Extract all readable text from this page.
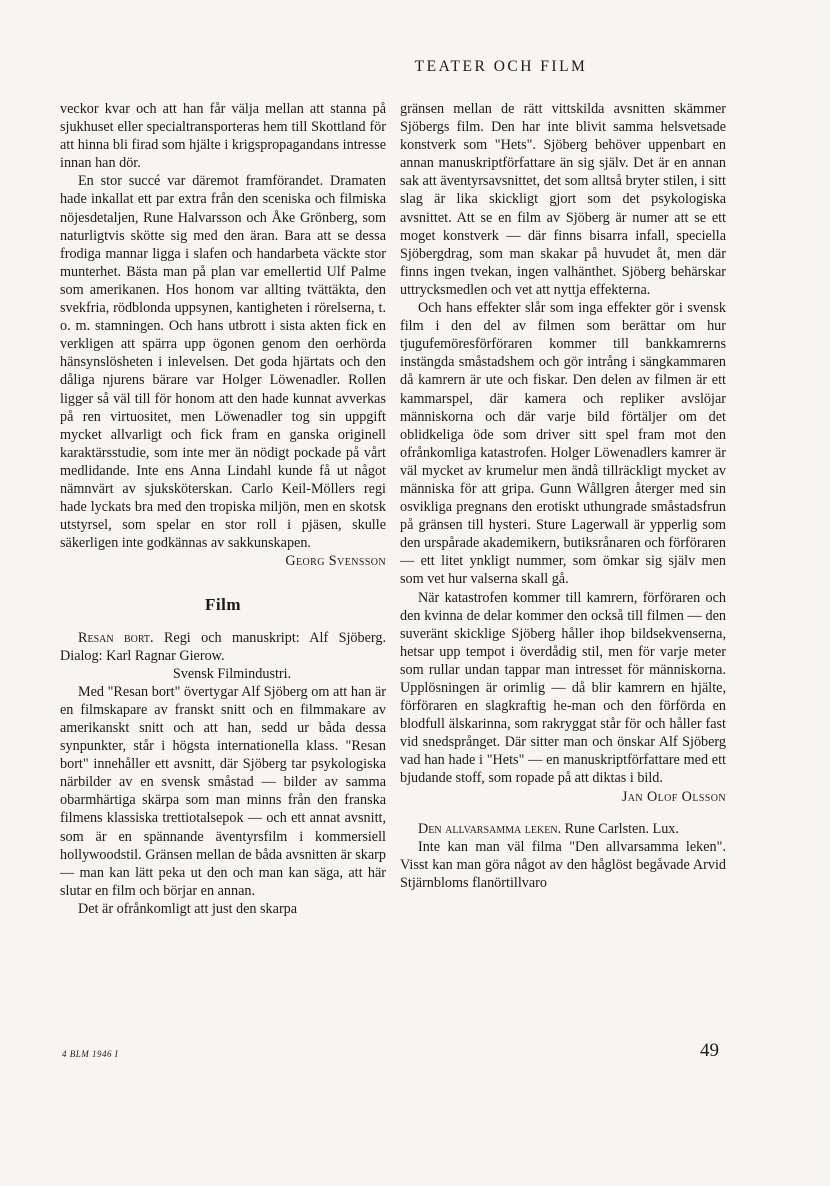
TEATER OCH FILM

veckor kvar och att han får välja mellan att stanna på sjukhuset eller specialtransporteras hem till Skottland för att hinna bli firad som hjälte i krigspropagandans intresse innan han dör.

En stor succé var däremot framförandet. Dramaten hade inkallat ett par extra från den sceniska och filmiska nöjesdetaljen, Rune Halvarsson och Åke Grönberg, som naturligtvis skötte sig med den äran. Bara att se dessa frodiga mannar ligga i slafen och handarbeta väckte stor munterhet. Bästa man på plan var emellertid Ulf Palme som amerikanen. Hos honom var allting tvättäkta, den svekfria, rödblonda uppsynen, kantigheten i rörelserna, t. o. m. stamningen. Och hans utbrott i sista akten fick en verkligen att spärra upp ögonen genom den oerhörda hänsynslösheten i inlevelsen. Det goda hjärtats och den dåliga njurens bärare var Holger Löwenadler. Rollen ligger så väl till för honom att den hade kunnat avverkas på ren virtuositet, men Löwenadler tog sin uppgift mycket allvarligt och fick fram en ganska originell karaktärsstudie, som inte mer än nödigt pockade på vårt medlidande. Inte ens Anna Lindahl kunde få ut något nämnvärt av sjuksköterskan. Carlo Keil-Möllers regi hade lyckats bra med den tropiska miljön, men en skotsk utstyrsel, som spelar en stor roll i pjäsen, skulle säkerligen inte godkännas av sakkunskapen.

Georg Svensson

Film

Resan bort. Regi och manuskript: Alf Sjöberg. Dialog: Karl Ragnar Gierow.
Svensk Filmindustri.

Med "Resan bort" övertygar Alf Sjöberg om att han är en filmskapare av franskt snitt och en filmmakare av amerikanskt snitt och att han, sedd ur båda dessa synpunkter, står i högsta internationella klass. "Resan bort" innehåller ett avsnitt, där Sjöberg tar psykologiska närbilder av en svensk småstad — bilder av samma obarmhärtiga skärpa som man minns från den franska filmens klassiska trettiotalsepok — och ett annat avsnitt, som är en spännande äventyrsfilm i kommersiell hollywoodstil. Gränsen mellan de båda avsnitten är skarp — man kan lätt peka ut den och man kan säga, att här slutar en film och börjar en annan.

Det är ofrånkomligt att just den skarpa

gränsen mellan de rätt vittskilda avsnitten skämmer Sjöbergs film. Den har inte blivit samma helsvetsade konstverk som "Hets". Sjöberg behöver uppenbart en annan manuskriptförfattare än sig själv. Det är en annan sak att äventyrsavsnittet, det som alltså bryter stilen, i sitt slag är lika skickligt gjort som det psykologiska avsnittet. Att se en film av Sjöberg är numer att se ett moget konstverk — där finns bisarra infall, speciella Sjöbergdrag, som man skakar på huvudet åt, men där finns ingen tvekan, ingen valhänthet. Sjöberg behärskar uttrycksmedlen och vet att nyttja effekterna.

Och hans effekter slår som inga effekter gör i svensk film i den del av filmen som berättar om hur tjugufemöresförföraren kommer till bankkamrerns instängda småstadshem och gör intrång i sängkammaren då kamrern är ute och fiskar. Den delen av filmen är ett kammarspel, där kamera och repliker avslöjar människorna och där varje bild förtäljer om det oblidkeliga öde som driver sitt spel fram mot den ofrånkomliga katastrofen. Holger Löwenadlers kamrer är väl mycket av krumelur men ändå tillräckligt mycket av människa för att gripa. Gunn Wållgren återger med sin osvikliga pregnans den erotiskt uthungrade småstadsfrun på gränsen till hysteri. Sture Lagerwall är ypperlig som den urspårade akademikern, butiksrånaren och förföraren — ett litet ynkligt nummer, som ömkar sig själv men som vet hur valserna skall gå.

När katastrofen kommer till kamrern, förföraren och den kvinna de delar kommer den också till filmen — den suveränt skicklige Sjöberg håller ihop bildsekvenserna, hetsar upp tempot i överdådig stil, men för varje meter som rullar undan tappar man intresset för människorna. Upplösningen är orimlig — då blir kamrern en hjälte, förföraren en slagkraftig he-man och den förförda en blodfull älskarinna, som rakryggat står för och håller fast vid snedsprånget. Där sitter man och önskar Alf Sjöberg vad han hade i "Hets" — en manuskriptförfattare med ett bjudande stoff, som ropade på att diktas i bild.

Jan Olof Olsson

Den allvarsamma leken. Rune Carlsten. Lux.

Inte kan man väl filma "Den allvarsamma leken". Visst kan man göra något av den håglöst begåvade Arvid Stjärnbloms flanörtillvaro

4 BLM 1946 I	49
